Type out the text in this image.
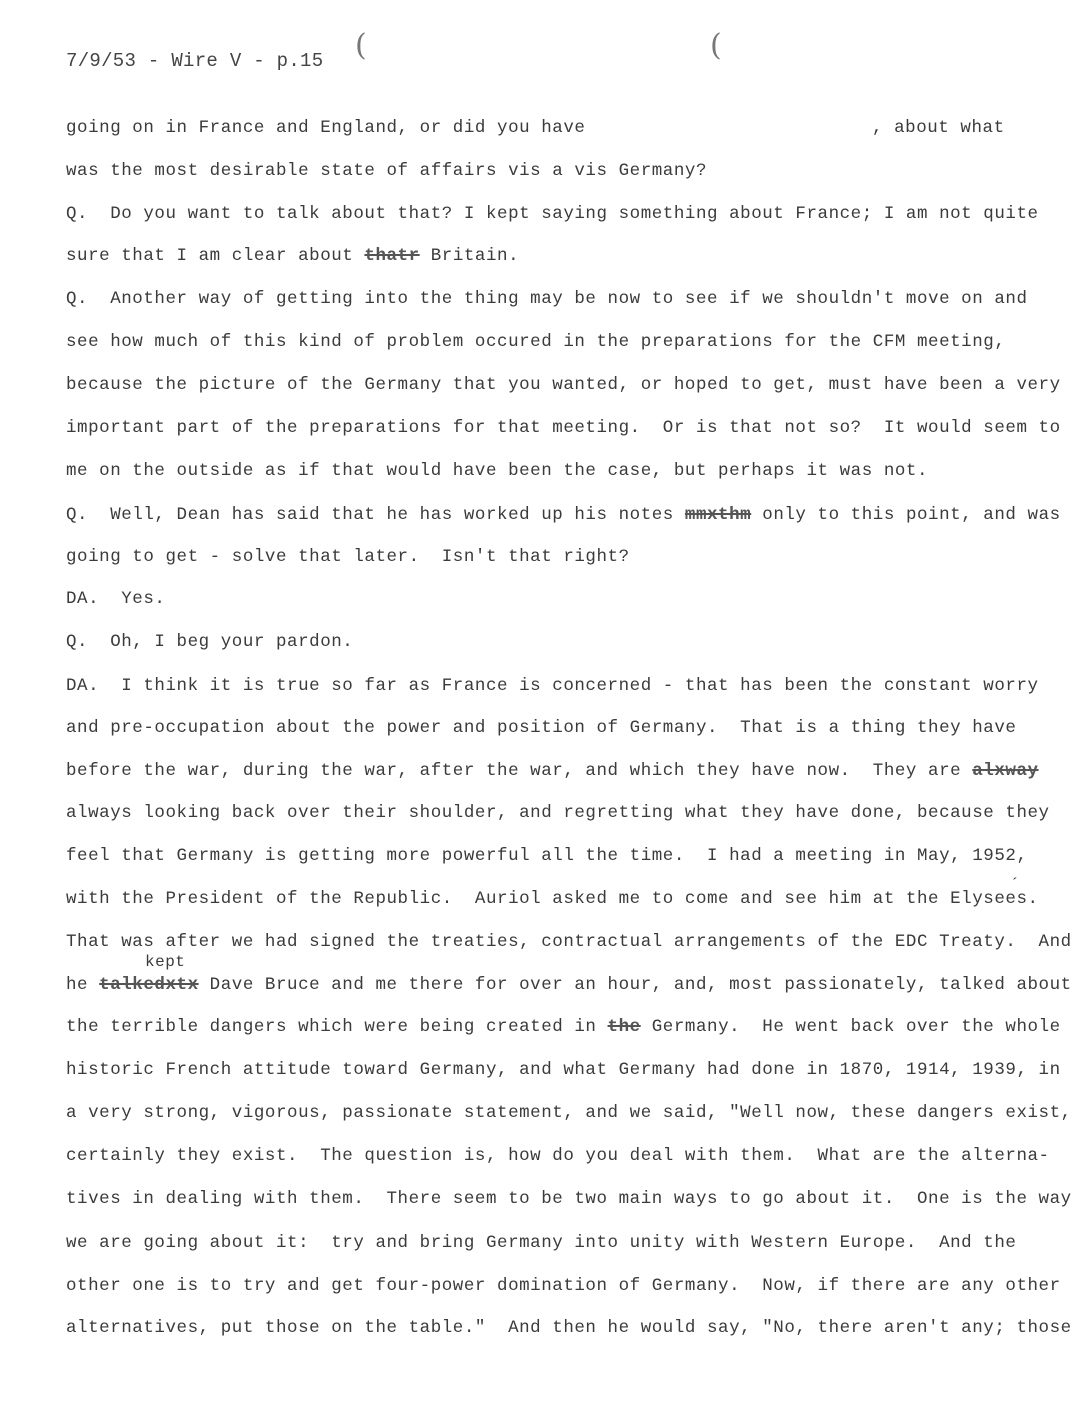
7/9/53 - Wire V - p.15 (	(
going on in France and England, or did you have	, about what
was the most desirable state of affairs vis a vis Germany?
Q.  Do you want to talk about that? I kept saying something about France; I am not quite
sure that I am clear about thatr Britain.
Q.  Another way of getting into the thing may be now to see if we shouldn't move on and
see how much of this kind of problem occured in the preparations for the CFM meeting,
because the picture of the Germany that you wanted, or hoped to get, must have been a very
important part of the preparations for that meeting.  Or is that not so?  It would seem to
me on the outside as if that would have been the case, but perhaps it was not.
Q.  Well, Dean has said that he has worked up his notes mmxthm only to this point, and was
going to get - solve that later.  Isn't that right?
DA.  Yes.
Q.  Oh, I beg your pardon.
DA.  I think it is true so far as France is concerned - that has been the constant worry
and pre-occupation about the power and position of Germany.  That is a thing they have
before the war, during the war, after the war, and which they have now.  They are alxway
always looking back over their shoulder, and regretting what they have done, because they
feel that Germany is getting more powerful all the time.  I had a meeting in May, 1952,
with the President of the Republic.  Auriol asked me to come and see him at the Elysees.
´
That was after we had signed the treaties, contractual arrangements of the EDC Treaty.  And
kept
he talkedxtx Dave Bruce and me there for over an hour, and, most passionately, talked about
the terrible dangers which were being created in the Germany.  He went back over the whole
historic French attitude toward Germany, and what Germany had done in 1870, 1914, 1939, in
a very strong, vigorous, passionate statement, and we said, "Well now, these dangers exist,
certainly they exist.  The question is, how do you deal with them.  What are the alterna-
tives in dealing with them.  There seem to be two main ways to go about it.  One is the way
we are going about it:  try and bring Germany into unity with Western Europe.  And the
other one is to try and get four-power domination of Germany.  Now, if there are any other
alternatives, put those on the table."  And then he would say, "No, there aren't any; those
